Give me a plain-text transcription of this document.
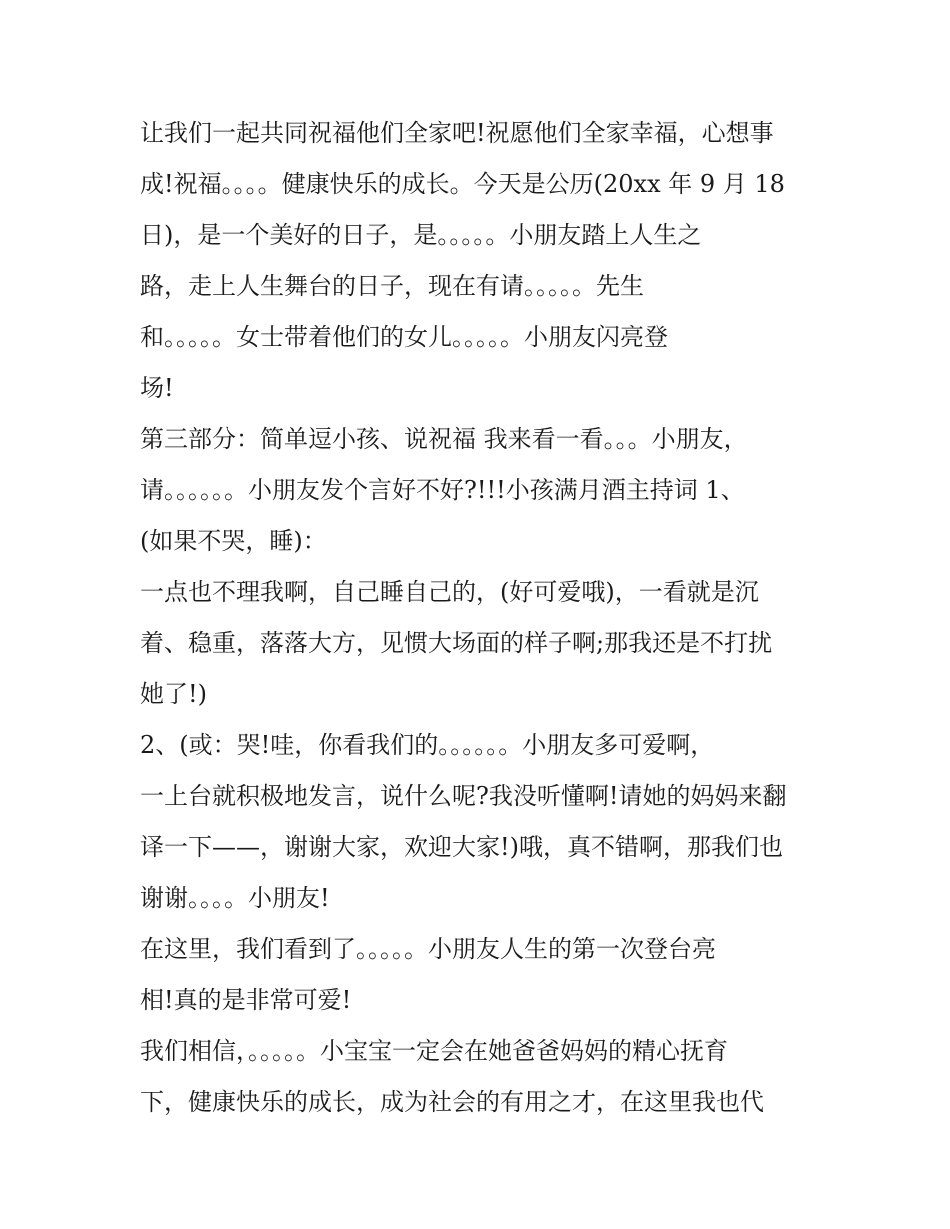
让我们一起共同祝福他们全家吧!祝愿他们全家幸福，心想事
成!祝福。。。。健康快乐的成长。今天是公历(20xx 年 9 月 18
日)，是一个美好的日子，是。。。。。小朋友踏上人生之
路，走上人生舞台的日子，现在有请。。。。。先生
和。。。。。女士带着他们的女儿。。。。。小朋友闪亮登
场!
第三部分：简单逗小孩、说祝福 我来看一看。。。小朋友，
请。。。。。。小朋友发个言好不好?!!!小孩满月酒主持词 1、
(如果不哭，睡)：
一点也不理我啊，自己睡自己的，(好可爱哦)，一看就是沉
着、稳重，落落大方，见惯大场面的样子啊;那我还是不打扰
她了!)
2、(或：哭!哇，你看我们的。。。。。。小朋友多可爱啊，
一上台就积极地发言，说什么呢?我没听懂啊!请她的妈妈来翻
译一下——，谢谢大家，欢迎大家!)哦，真不错啊，那我们也
谢谢。。。。小朋友!
在这里，我们看到了。。。。。小朋友人生的第一次登台亮
相!真的是非常可爱!
我们相信，。。。。。小宝宝一定会在她爸爸妈妈的精心抚育
下，健康快乐的成长，成为社会的有用之才，在这里我也代
